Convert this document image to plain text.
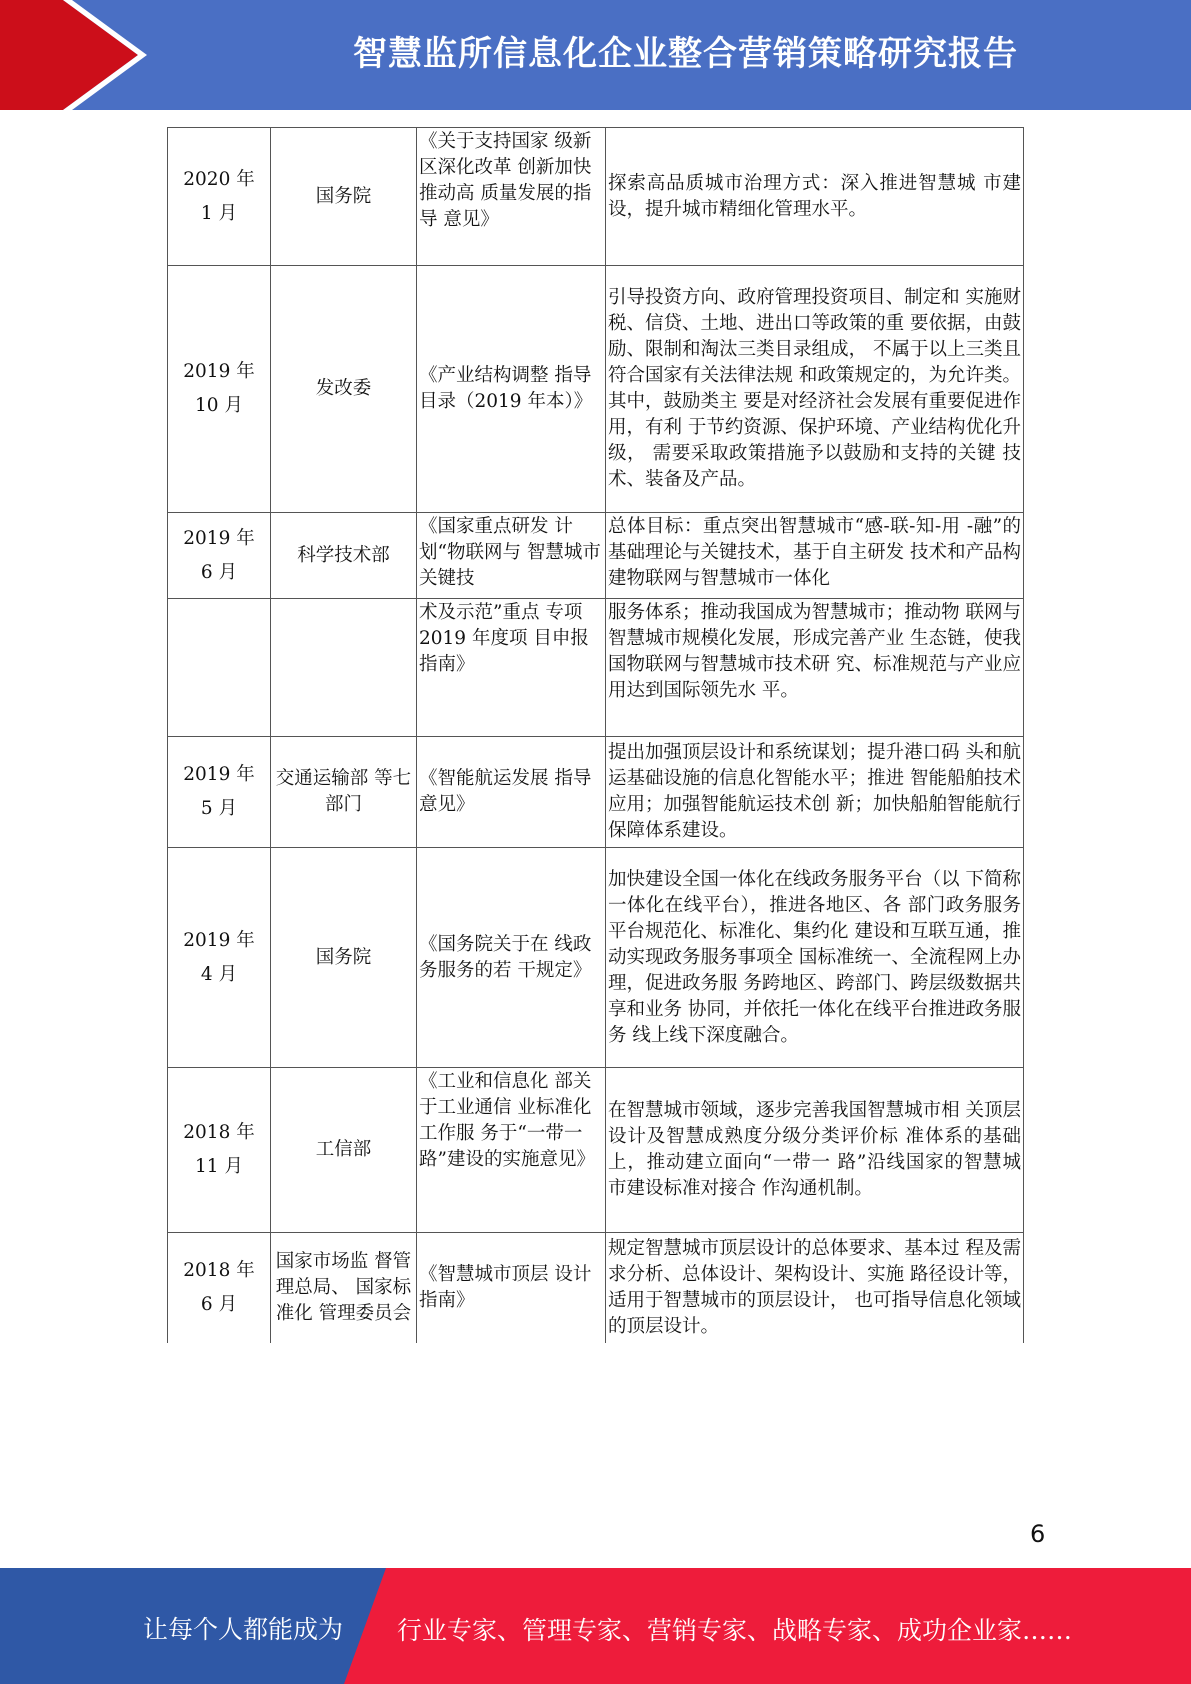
智慧监所信息化企业整合营销策略研究报告
2020 年
1 月	国务院	《关于支持国家 级新区深化改革 创新加快推动高 质量发展的指导 意见》	探索高品质城市治理方式：深入推进智慧城 市建设，提升城市精细化管理水平。

2019 年
10 月	发改委	《产业结构调整 指导目录（2019 年本）》	引导投资方向、政府管理投资项目、制定和 实施财税、信贷、土地、进出口等政策的重 要依据，由鼓励、限制和淘汰三类目录组成， 不属于以上三类且符合国家有关法律法规 和政策规定的，为允许类。其中，鼓励类主 要是对经济社会发展有重要促进作用，有利 于节约资源、保护环境、产业结构优化升级， 需要采取政策措施予以鼓励和支持的关键 技术、装备及产品。

2019 年
6 月	科学技术部	《国家重点研发 计划“物联网与 智慧城市关键技	总体目标：重点突出智慧城市“感-联-知-用 -融”的基础理论与关键技术，基于自主研发 技术和产品构建物联网与智慧城市一体化

		术及示范”重点 专项 2019 年度项 目申报指南》	服务体系；推动我国成为智慧城市；推动物 联网与智慧城市规模化发展，形成完善产业 生态链，使我国物联网与智慧城市技术研 究、标准规范与产业应用达到国际领先水 平。

2019 年
5 月	交通运输部 等七部门	《智能航运发展 指导意见》	提出加强顶层设计和系统谋划；提升港口码 头和航运基础设施的信息化智能水平；推进 智能船舶技术应用；加强智能航运技术创 新；加快船舶智能航行保障体系建设。

2019 年
4 月	国务院	《国务院关于在 线政务服务的若 干规定》	加快建设全国一体化在线政务服务平台（以 下简称一体化在线平台），推进各地区、各 部门政务服务平台规范化、标准化、集约化 建设和互联互通，推动实现政务服务事项全 国标准统一、全流程网上办理，促进政务服 务跨地区、跨部门、跨层级数据共享和业务 协同，并依托一体化在线平台推进政务服务 线上线下深度融合。

2018 年
11 月	工信部	《工业和信息化 部关于工业通信 业标准化工作服 务于“一带一 路”建设的实施意见》	在智慧城市领域，逐步完善我国智慧城市相 关顶层设计及智慧成熟度分级分类评价标 准体系的基础上，推动建立面向“一带一 路”沿线国家的智慧城市建设标准对接合 作沟通机制。

2018 年
6 月	国家市场监 督管理总局、 国家标准化 管理委员会	《智慧城市顶层 设计指南》	规定智慧城市顶层设计的总体要求、基本过 程及需求分析、总体设计、架构设计、实施 路径设计等，适用于智慧城市的顶层设计， 也可指导信息化领域的顶层设计。
6
让每个人都能成为 行业专家、管理专家、营销专家、战略专家、成功企业家……
